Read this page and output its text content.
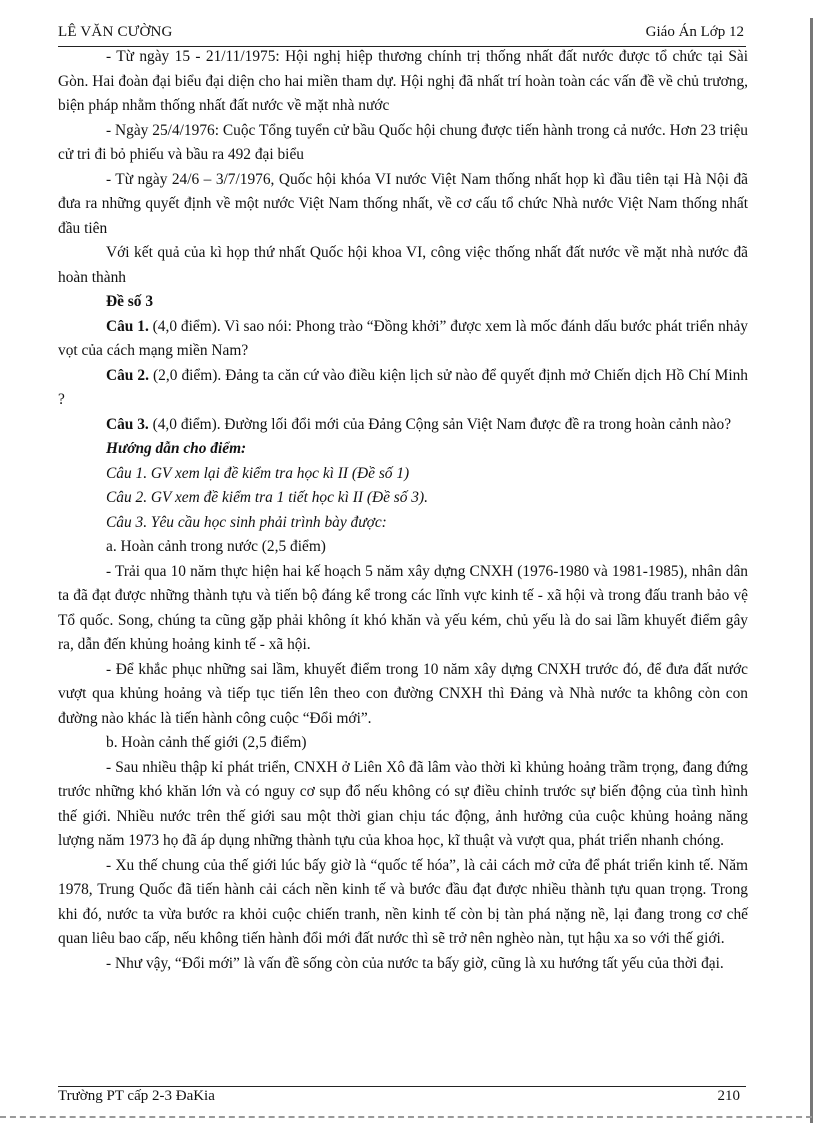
LÊ VĂN CƯỜNG	Giáo Án Lớp 12

- Từ ngày 15 - 21/11/1975: Hội nghị hiệp thương chính trị thống nhất đất nước được tổ chức tại Sài Gòn. Hai đoàn đại biểu đại diện cho hai miền tham dự. Hội nghị đã nhất trí hoàn toàn các vấn đề về chủ trương, biện pháp nhằm thống nhất đất nước về mặt nhà nước

- Ngày 25/4/1976: Cuộc Tổng tuyển cử bầu Quốc hội chung được tiến hành trong cả nước. Hơn 23 triệu cử tri đi bỏ phiếu và bầu ra 492 đại biểu

- Từ ngày 24/6 – 3/7/1976, Quốc hội khóa VI nước Việt Nam thống nhất họp kì đầu tiên tại Hà Nội đã đưa ra những quyết định về một nước Việt Nam thống nhất, về cơ cấu tổ chức Nhà nước Việt Nam thống nhất đầu tiên

Với kết quả của kì họp thứ nhất Quốc hội khoa VI, công việc thống nhất đất nước về mặt nhà nước đã hoàn thành

Đề số 3

Câu 1. (4,0 điểm). Vì sao nói: Phong trào “Đồng khởi” được xem là mốc đánh dấu bước phát triển nhảy vọt của cách mạng miền Nam?

Câu 2. (2,0 điểm). Đảng ta căn cứ vào điều kiện lịch sử nào để quyết định mở Chiến dịch Hồ Chí Minh ?

Câu 3. (4,0 điểm). Đường lối đổi mới của Đảng Cộng sản Việt Nam được đề ra trong hoàn cảnh nào?

Hướng dẫn cho điểm:

Câu 1. GV xem lại đề kiểm tra học kì II (Đề số 1)

Câu 2. GV xem đề kiểm tra 1 tiết học kì II (Đề số 3).

Câu 3. Yêu cầu học sinh phải trình bày được:

a. Hoàn cảnh trong nước (2,5 điểm)

- Trải qua 10 năm thực hiện hai kế hoạch 5 năm xây dựng CNXH (1976-1980 và 1981-1985), nhân dân ta đã đạt được những thành tựu và tiến bộ đáng kể trong các lĩnh vực kinh tế - xã hội và trong đấu tranh bảo vệ Tổ quốc. Song, chúng ta cũng gặp phải không ít khó khăn và yếu kém, chủ yếu là do sai lầm khuyết điểm gây ra, dẫn đến khủng hoảng kinh tế - xã hội.

- Để khắc phục những sai lầm, khuyết điểm trong 10 năm xây dựng CNXH trước đó, để đưa đất nước vượt qua khủng hoảng và tiếp tục tiến lên theo con đường CNXH thì Đảng và Nhà nước ta không còn con đường nào khác là tiến hành công cuộc “Đổi mới”.

b. Hoàn cảnh thế giới (2,5 điểm)

- Sau nhiều thập kỉ phát triển, CNXH ở Liên Xô đã lâm vào thời kì khủng hoảng trầm trọng, đang đứng trước những khó khăn lớn và có nguy cơ sụp đổ nếu không có sự điều chỉnh trước sự biến động của tình hình thế giới. Nhiều nước trên thế giới sau một thời gian chịu tác động, ảnh hưởng của cuộc khủng hoảng năng lượng năm 1973 họ đã áp dụng những thành tựu của khoa học, kĩ thuật và vượt qua, phát triển nhanh chóng.

- Xu thế chung của thế giới lúc bấy giờ là “quốc tế hóa”, là cải cách mở cửa để phát triển kinh tế. Năm 1978, Trung Quốc đã tiến hành cải cách nền kinh tế và bước đầu đạt được nhiều thành tựu quan trọng. Trong khi đó, nước ta vừa bước ra khỏi cuộc chiến tranh, nền kinh tế còn bị tàn phá nặng nề, lại đang trong cơ chế quan liêu bao cấp, nếu không tiến hành đổi mới đất nước thì sẽ trở nên nghèo nàn, tụt hậu xa so với thế giới.

- Như vậy, “Đổi mới” là vấn đề sống còn của nước ta bấy giờ, cũng là xu hướng tất yếu của thời đại.

Trường PT cấp 2-3 ĐaKia	210
